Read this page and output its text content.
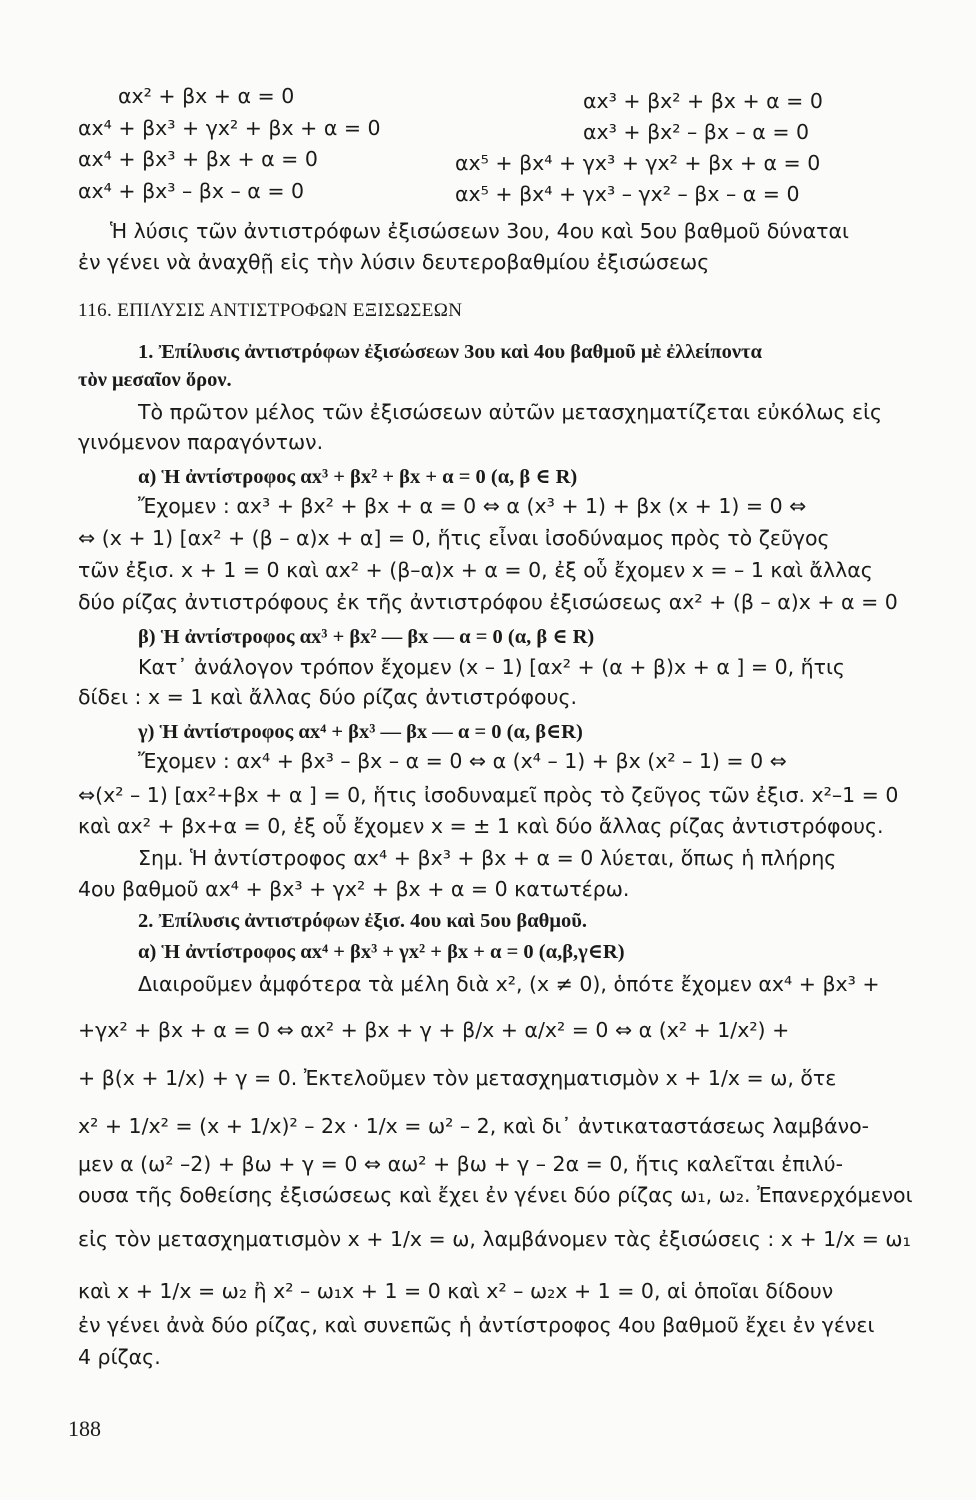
αx² + βx + α = 0
αx⁴ + βx³ + γx² + βx + α = 0
αx⁴ + βx³ + βx + α = 0
αx⁴ + βx³ – βx – α = 0
αx³ + βx² + βx + α = 0
αx³ + βx² – βx – α = 0
αx⁵ + βx⁴ + γx³ + γx² + βx + α = 0
αx⁵ + βx⁴ + γx³ – γx² – βx – α = 0
Ἡ λύσις τῶν ἀντιστρόφων ἐξισώσεων 3ου, 4ου καὶ 5ου βαθμοῦ δύναται
ἐν γένει νὰ ἀναχθῇ εἰς τὴν λύσιν δευτεροβαθμίου ἐξισώσεως
116. ΕΠΙΛΥΣΙΣ ΑΝΤΙΣΤΡΟΦΩΝ ΕΞΙΣΩΣΕΩΝ
1. Ἐπίλυσις ἀντιστρόφων ἐξισώσεων 3ου καὶ 4ου βαθμοῦ μὲ ἐλλείποντα
τὸν μεσαῖον ὅρον.
Τὸ πρῶτον μέλος τῶν ἐξισώσεων αὐτῶν μετασχηματίζεται εὐκόλως εἰς
γινόμενον παραγόντων.
α) Ἡ ἀντίστροφος αx³ + βx² + βx + α = 0 (α, β ∈ R)
Ἔχομεν : αx³ + βx² + βx + α = 0 ⇔ α (x³ + 1) + βx (x + 1) = 0 ⇔
⇔ (x + 1) [αx² + (β – α)x + α] = 0, ἥτις εἶναι ἰσοδύναμος πρὸς τὸ ζεῦγος
τῶν ἐξισ. x + 1 = 0 καὶ αx² + (β–α)x + α = 0, ἐξ οὗ ἔχομεν x = – 1 καὶ ἄλλας
δύο ρίζας ἀντιστρόφους ἐκ τῆς ἀντιστρόφου ἐξισώσεως αx² + (β – α)x + α = 0
β) Ἡ ἀντίστροφος αx³ + βx² — βx — α = 0 (α, β ∈ R)
Κατ᾽ ἀνάλογον τρόπον ἔχομεν (x – 1) [αx² + (α + β)x + α ] = 0, ἥτις
δίδει : x = 1 καὶ ἄλλας δύο ρίζας ἀντιστρόφους.
γ) Ἡ ἀντίστροφος αx⁴ + βx³ — βx — α = 0 (α, β∈R)
Ἔχομεν : αx⁴ + βx³ – βx – α = 0 ⇔ α (x⁴ – 1) + βx (x² – 1) = 0 ⇔
⇔(x² – 1) [αx²+βx + α ] = 0, ἥτις ἰσοδυναμεῖ πρὸς τὸ ζεῦγος τῶν ἐξισ. x²–1 = 0
καὶ αx² + βx+α = 0, ἐξ οὗ ἔχομεν x = ± 1 καὶ δύο ἄλλας ρίζας ἀντιστρόφους.
Σημ. Ἡ ἀντίστροφος αx⁴ + βx³ + βx + α = 0 λύεται, ὅπως ἡ πλήρης
4ου βαθμοῦ αx⁴ + βx³ + γx² + βx + α = 0 κατωτέρω.
2. Ἐπίλυσις ἀντιστρόφων ἐξισ. 4ου καὶ 5ου βαθμοῦ.
α) Ἡ ἀντίστροφος αx⁴ + βx³ + γx² + βx + α = 0 (α,β,γ∈R)
Διαιροῦμεν ἀμφότερα τὰ μέλη διὰ x², (x ≠ 0), ὁπότε ἔχομεν αx⁴ + βx³ +
+γx² + βx + α = 0 ⇔ αx² + βx + γ + β/x + α/x² = 0 ⇔ α (x² + 1/x²) +
+ β(x + 1/x) + γ = 0. Ἐκτελοῦμεν τὸν μετασχηματισμὸν x + 1/x = ω, ὅτε
x² + 1/x² = (x + 1/x)² – 2x · 1/x = ω² – 2, καὶ δι᾽ ἀντικαταστάσεως λαμβάνο-
μεν α (ω² –2) + βω + γ = 0 ⇔ αω² + βω + γ – 2α = 0, ἥτις καλεῖται ἐπιλύ-
ουσα τῆς δοθείσης ἐξισώσεως καὶ ἔχει ἐν γένει δύο ρίζας ω₁, ω₂. Ἐπανερχόμενοι
εἰς τὸν μετασχηματισμὸν x + 1/x = ω, λαμβάνομεν τὰς ἐξισώσεις : x + 1/x = ω₁
καὶ x + 1/x = ω₂ ἢ x² – ω₁x + 1 = 0 καὶ x² – ω₂x + 1 = 0, αἱ ὁποῖαι δίδουν
ἐν γένει ἀνὰ δύο ρίζας, καὶ συνεπῶς ἡ ἀντίστροφος 4ου βαθμοῦ ἔχει ἐν γένει
4 ρίζας.
188
